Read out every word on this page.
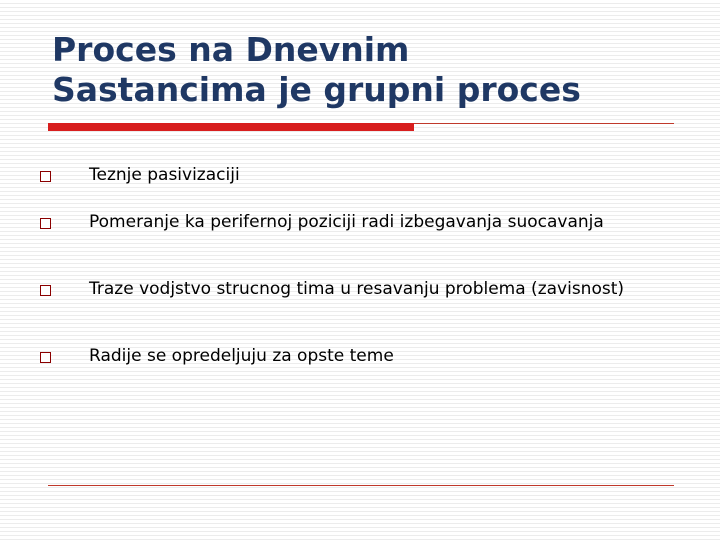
Proces na Dnevnim
Sastancima je grupni proces

Teznje pasivizaciji

Pomeranje ka perifernoj poziciji radi izbegavanja suocavanja

Traze vodjstvo strucnog tima u resavanju problema (zavisnost)

Radije se opredeljuju za opste teme
